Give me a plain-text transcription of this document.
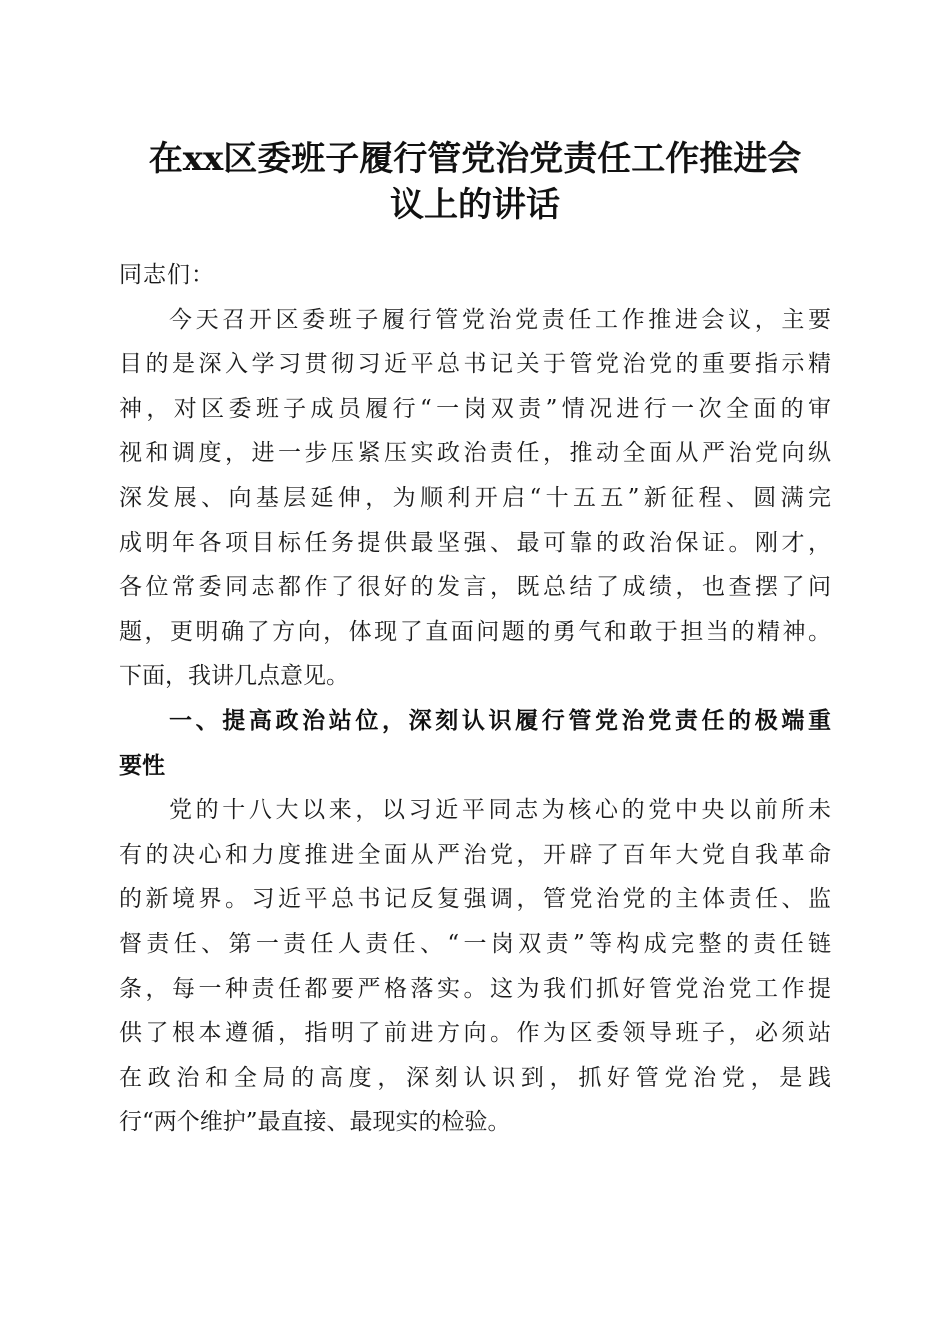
在xx区委班子履行管党治党责任工作推进会
议上的讲话
同志们：
今天召开区委班子履行管党治党责任工作推进会议，主要
目的是深入学习贯彻习近平总书记关于管党治党的重要指示精
神，对区委班子成员履行“一岗双责”情况进行一次全面的审
视和调度，进一步压紧压实政治责任，推动全面从严治党向纵
深发展、向基层延伸，为顺利开启“十五五”新征程、圆满完
成明年各项目标任务提供最坚强、最可靠的政治保证。刚才，
各位常委同志都作了很好的发言，既总结了成绩，也查摆了问
题，更明确了方向，体现了直面问题的勇气和敢于担当的精神。
下面，我讲几点意见。
一、提高政治站位，深刻认识履行管党治党责任的极端重
要性
党的十八大以来，以习近平同志为核心的党中央以前所未
有的决心和力度推进全面从严治党，开辟了百年大党自我革命
的新境界。习近平总书记反复强调，管党治党的主体责任、监
督责任、第一责任人责任、“一岗双责”等构成完整的责任链
条，每一种责任都要严格落实。这为我们抓好管党治党工作提
供了根本遵循，指明了前进方向。作为区委领导班子，必须站
在政治和全局的高度，深刻认识到，抓好管党治党，是践
行“两个维护”最直接、最现实的检验。
